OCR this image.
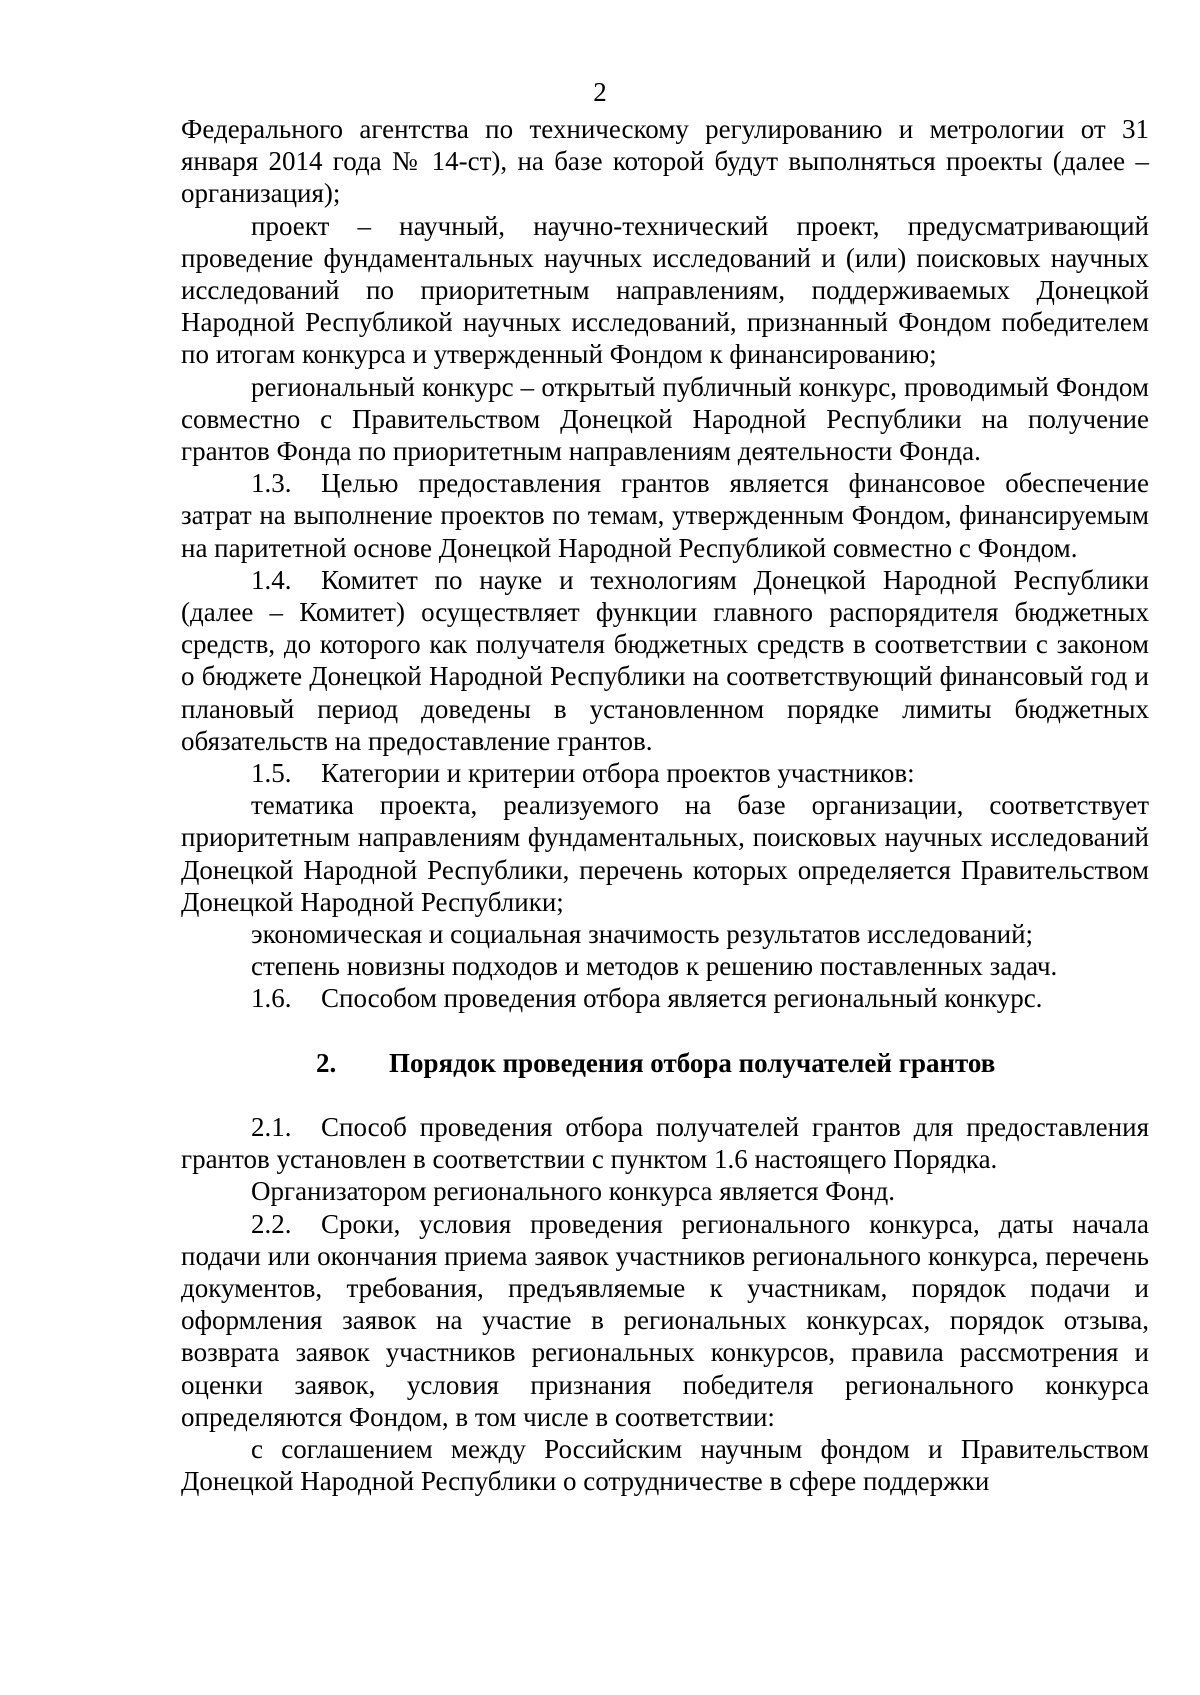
2

Федерального агентства по техническому регулированию и метрологии от 31 января 2014 года № 14-ст), на базе которой будут выполняться проекты (далее – организация);

проект – научный, научно-технический проект, предусматривающий проведение фундаментальных научных исследований и (или) поисковых научных исследований по приоритетным направлениям, поддерживаемых Донецкой Народной Республикой научных исследований, признанный Фондом победителем по итогам конкурса и утвержденный Фондом к финансированию;

региональный конкурс – открытый публичный конкурс, проводимый Фондом совместно с Правительством Донецкой Народной Республики на получение грантов Фонда по приоритетным направлениям деятельности Фонда.

1.3. Целью предоставления грантов является финансовое обеспечение затрат на выполнение проектов по темам, утвержденным Фондом, финансируемым на паритетной основе Донецкой Народной Республикой совместно с Фондом.

1.4. Комитет по науке и технологиям Донецкой Народной Республики (далее – Комитет) осуществляет функции главного распорядителя бюджетных средств, до которого как получателя бюджетных средств в соответствии с законом о бюджете Донецкой Народной Республики на соответствующий финансовый год и плановый период доведены в установленном порядке лимиты бюджетных обязательств на предоставление грантов.

1.5. Категории и критерии отбора проектов участников:

тематика проекта, реализуемого на базе организации, соответствует приоритетным направлениям фундаментальных, поисковых научных исследований Донецкой Народной Республики, перечень которых определяется Правительством Донецкой Народной Республики;

экономическая и социальная значимость результатов исследований;

степень новизны подходов и методов к решению поставленных задач.

1.6. Способом проведения отбора является региональный конкурс.

2. Порядок проведения отбора получателей грантов

2.1. Способ проведения отбора получателей грантов для предоставления грантов установлен в соответствии с пунктом 1.6 настоящего Порядка.

Организатором регионального конкурса является Фонд.

2.2. Сроки, условия проведения регионального конкурса, даты начала подачи или окончания приема заявок участников регионального конкурса, перечень документов, требования, предъявляемые к участникам, порядок подачи и оформления заявок на участие в региональных конкурсах, порядок отзыва, возврата заявок участников региональных конкурсов, правила рассмотрения и оценки заявок, условия признания победителя регионального конкурса определяются Фондом, в том числе в соответствии:

с соглашением между Российским научным фондом и Правительством Донецкой Народной Республики о сотрудничестве в сфере поддержки
